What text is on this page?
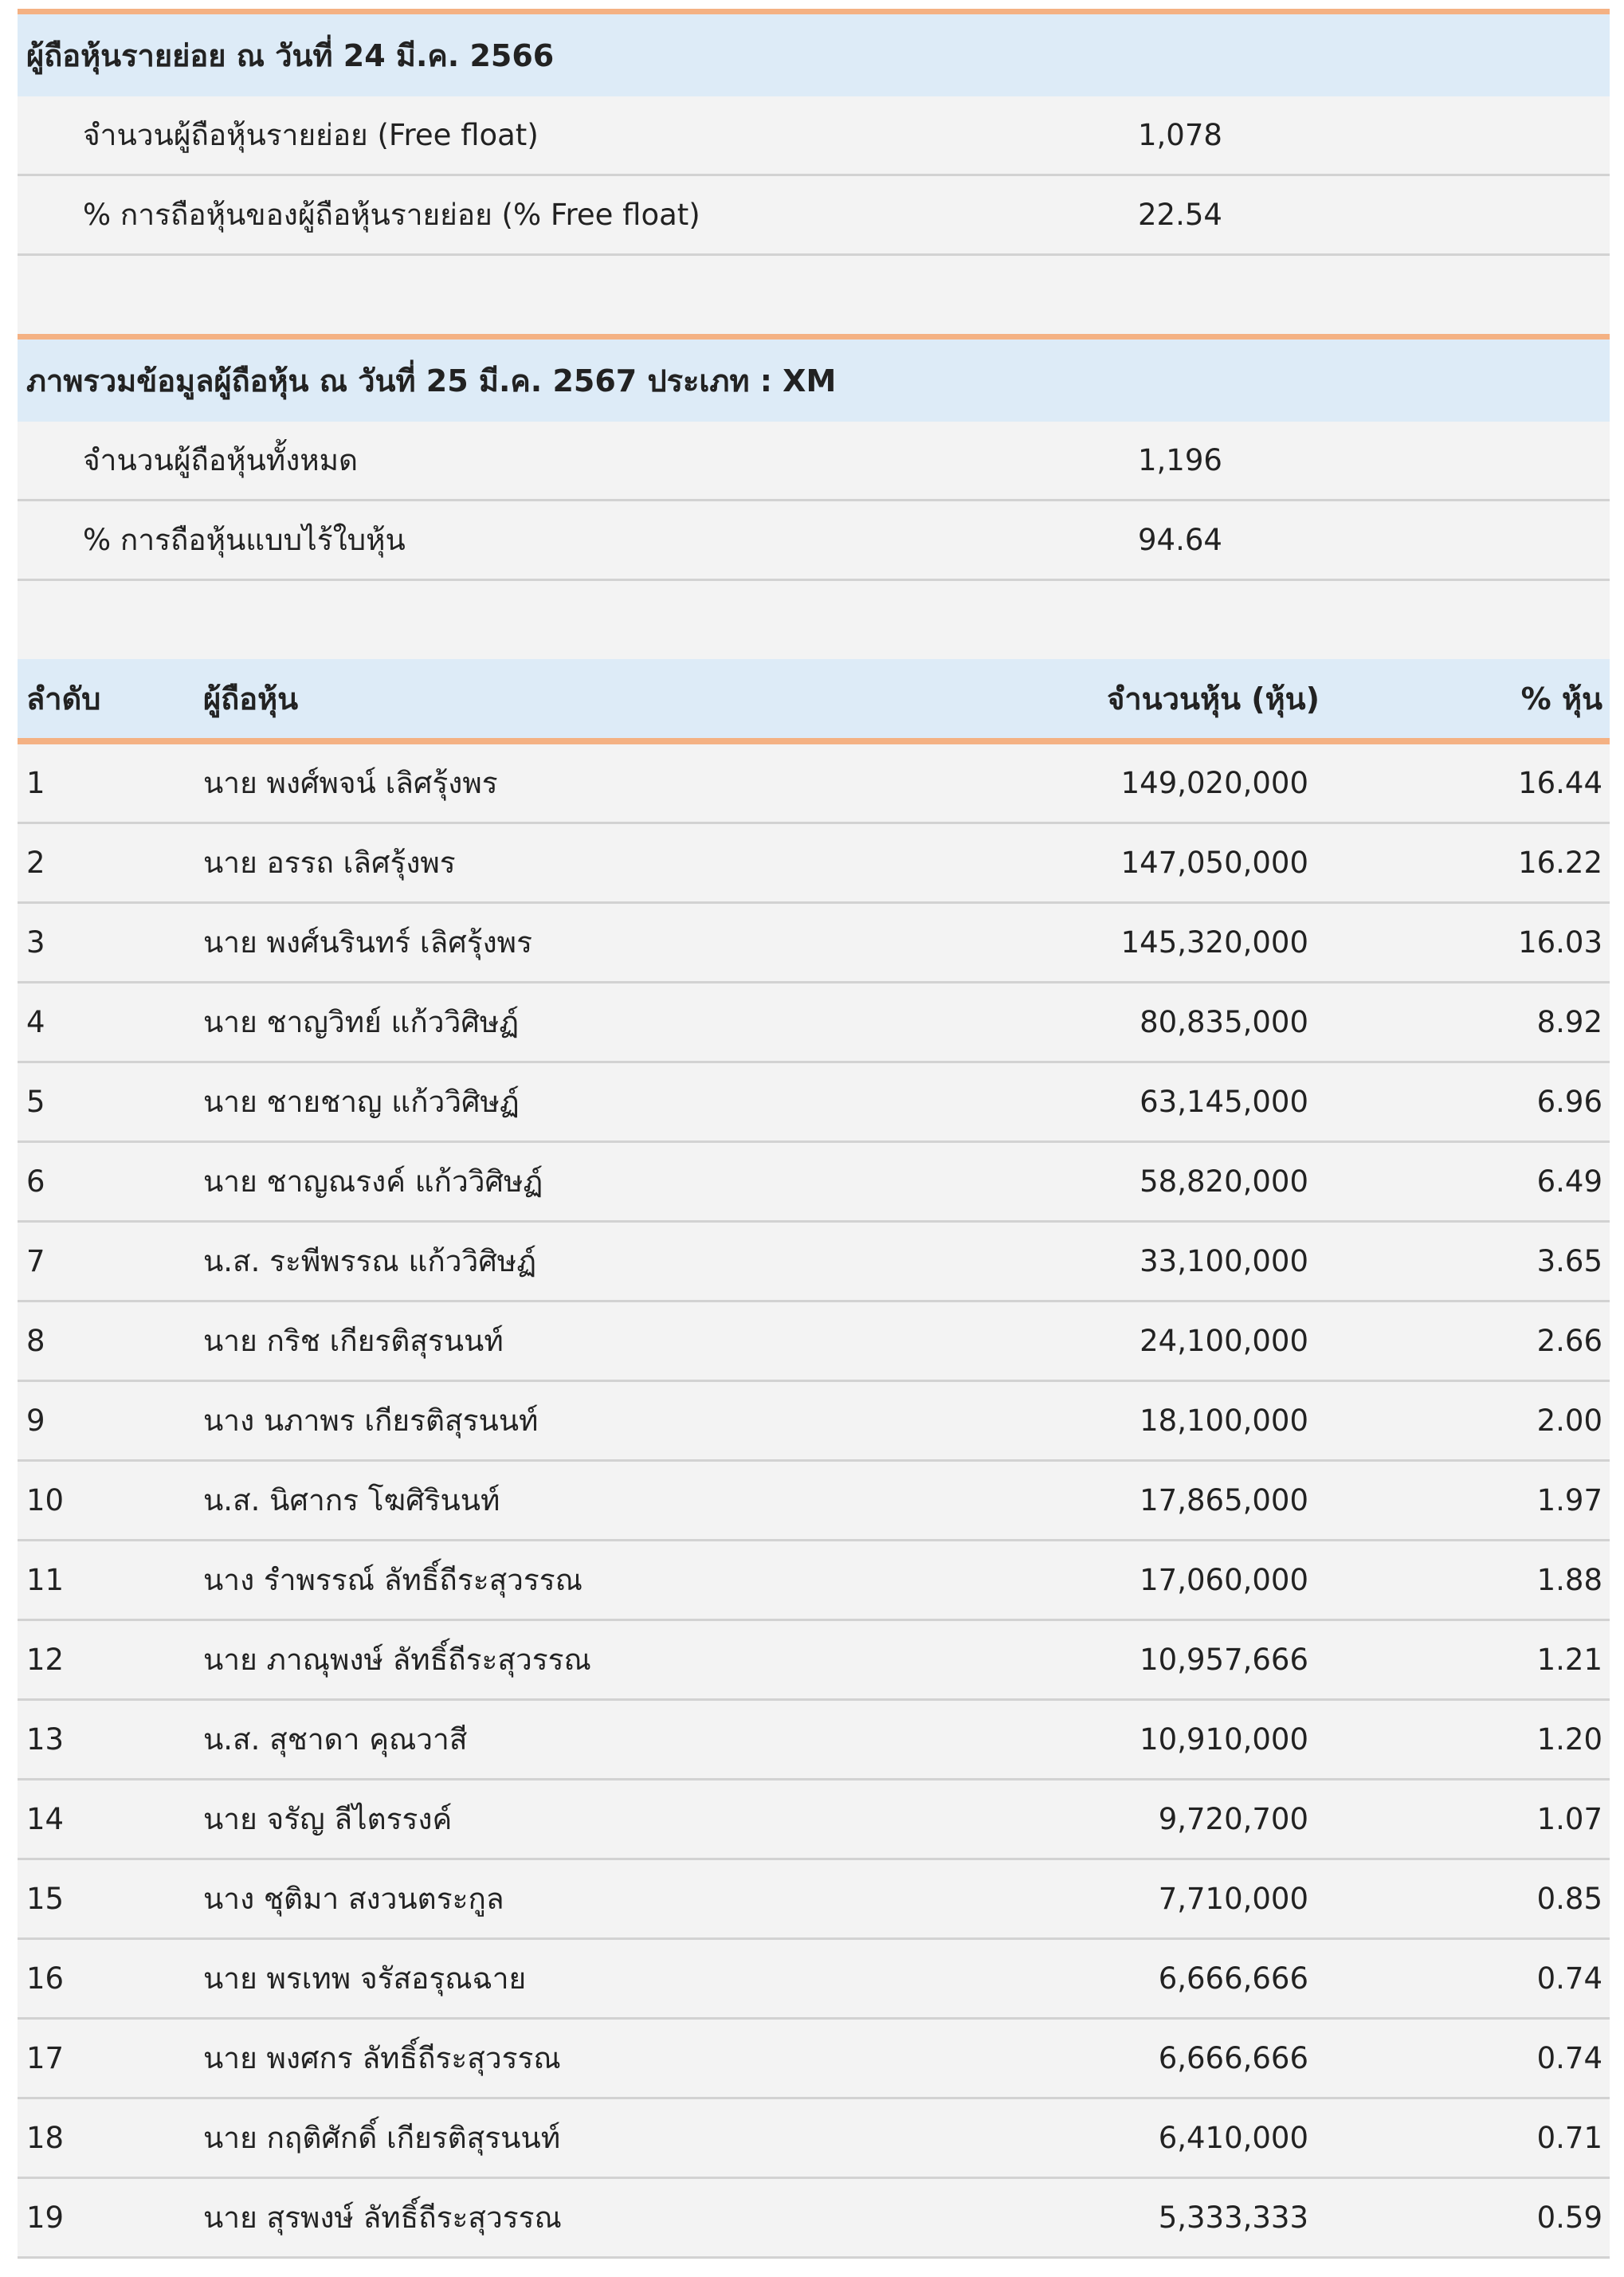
ผู้ถือหุ้นรายย่อย ณ วันที่ 24 มี.ค. 2566
จำนวนผู้ถือหุ้นรายย่อย (Free float)	1,078
% การถือหุ้นของผู้ถือหุ้นรายย่อย (% Free float)	22.54
ภาพรวมข้อมูลผู้ถือหุ้น ณ วันที่ 25 มี.ค. 2567 ประเภท : XM
จำนวนผู้ถือหุ้นทั้งหมด	1,196
% การถือหุ้นแบบไร้ใบหุ้น	94.64
ลำดับ	ผู้ถือหุ้น	จำนวนหุ้น (หุ้น)	% หุ้น
1	นาย พงศ์พจน์ เลิศรุ้งพร	149,020,000	16.44
2	นาย อรรถ เลิศรุ้งพร	147,050,000	16.22
3	นาย พงศ์นรินทร์ เลิศรุ้งพร	145,320,000	16.03
4	นาย ชาญวิทย์ แก้ววิศิษฏ์	80,835,000	8.92
5	นาย ชายชาญ แก้ววิศิษฏ์	63,145,000	6.96
6	นาย ชาญณรงค์ แก้ววิศิษฏ์	58,820,000	6.49
7	น.ส. ระพีพรรณ แก้ววิศิษฏ์	33,100,000	3.65
8	นาย กริช เกียรติสุรนนท์	24,100,000	2.66
9	นาง นภาพร เกียรติสุรนนท์	18,100,000	2.00
10	น.ส. นิศากร โฆศิรินนท์	17,865,000	1.97
11	นาง รำพรรณ์ ลัทธิ์ถีระสุวรรณ	17,060,000	1.88
12	นาย ภาณุพงษ์ ลัทธิ์ถีระสุวรรณ	10,957,666	1.21
13	น.ส. สุชาดา คุณวาสี	10,910,000	1.20
14	นาย จรัญ ลีไตรรงค์	9,720,700	1.07
15	นาง ชุติมา สงวนตระกูล	7,710,000	0.85
16	นาย พรเทพ จรัสอรุณฉาย	6,666,666	0.74
17	นาย พงศกร ลัทธิ์ถีระสุวรรณ	6,666,666	0.74
18	นาย กฤติศักดิ์ เกียรติสุรนนท์	6,410,000	0.71
19	นาย สุรพงษ์ ลัทธิ์ถีระสุวรรณ	5,333,333	0.59
